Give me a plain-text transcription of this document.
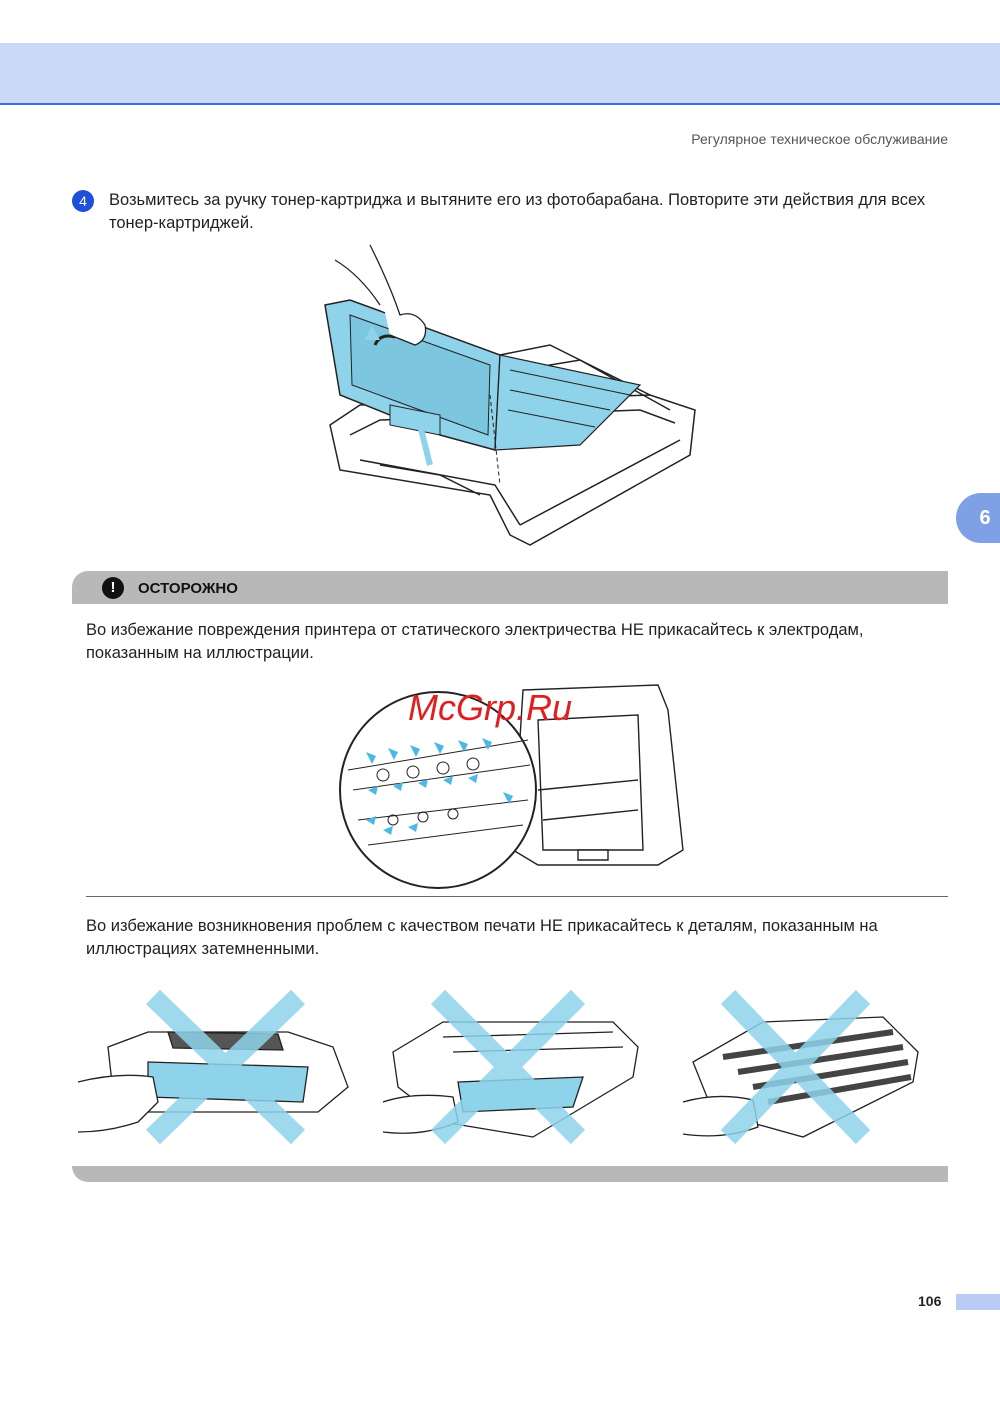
Регулярное техническое обслуживание
4	Возьмитесь за ручку тонер-картриджа и вытяните его из фотобарабана. Повторите эти действия для всех тонер-картриджей.
6
!	ОСТОРОЖНО
Во избежание повреждения принтера от статического электричества НЕ прикасайтесь к электродам, показанным на иллюстрации.
McGrp.Ru
Во избежание возникновения проблем с качеством печати НЕ прикасайтесь к деталям, показанным на иллюстрациях затемненными.
106
